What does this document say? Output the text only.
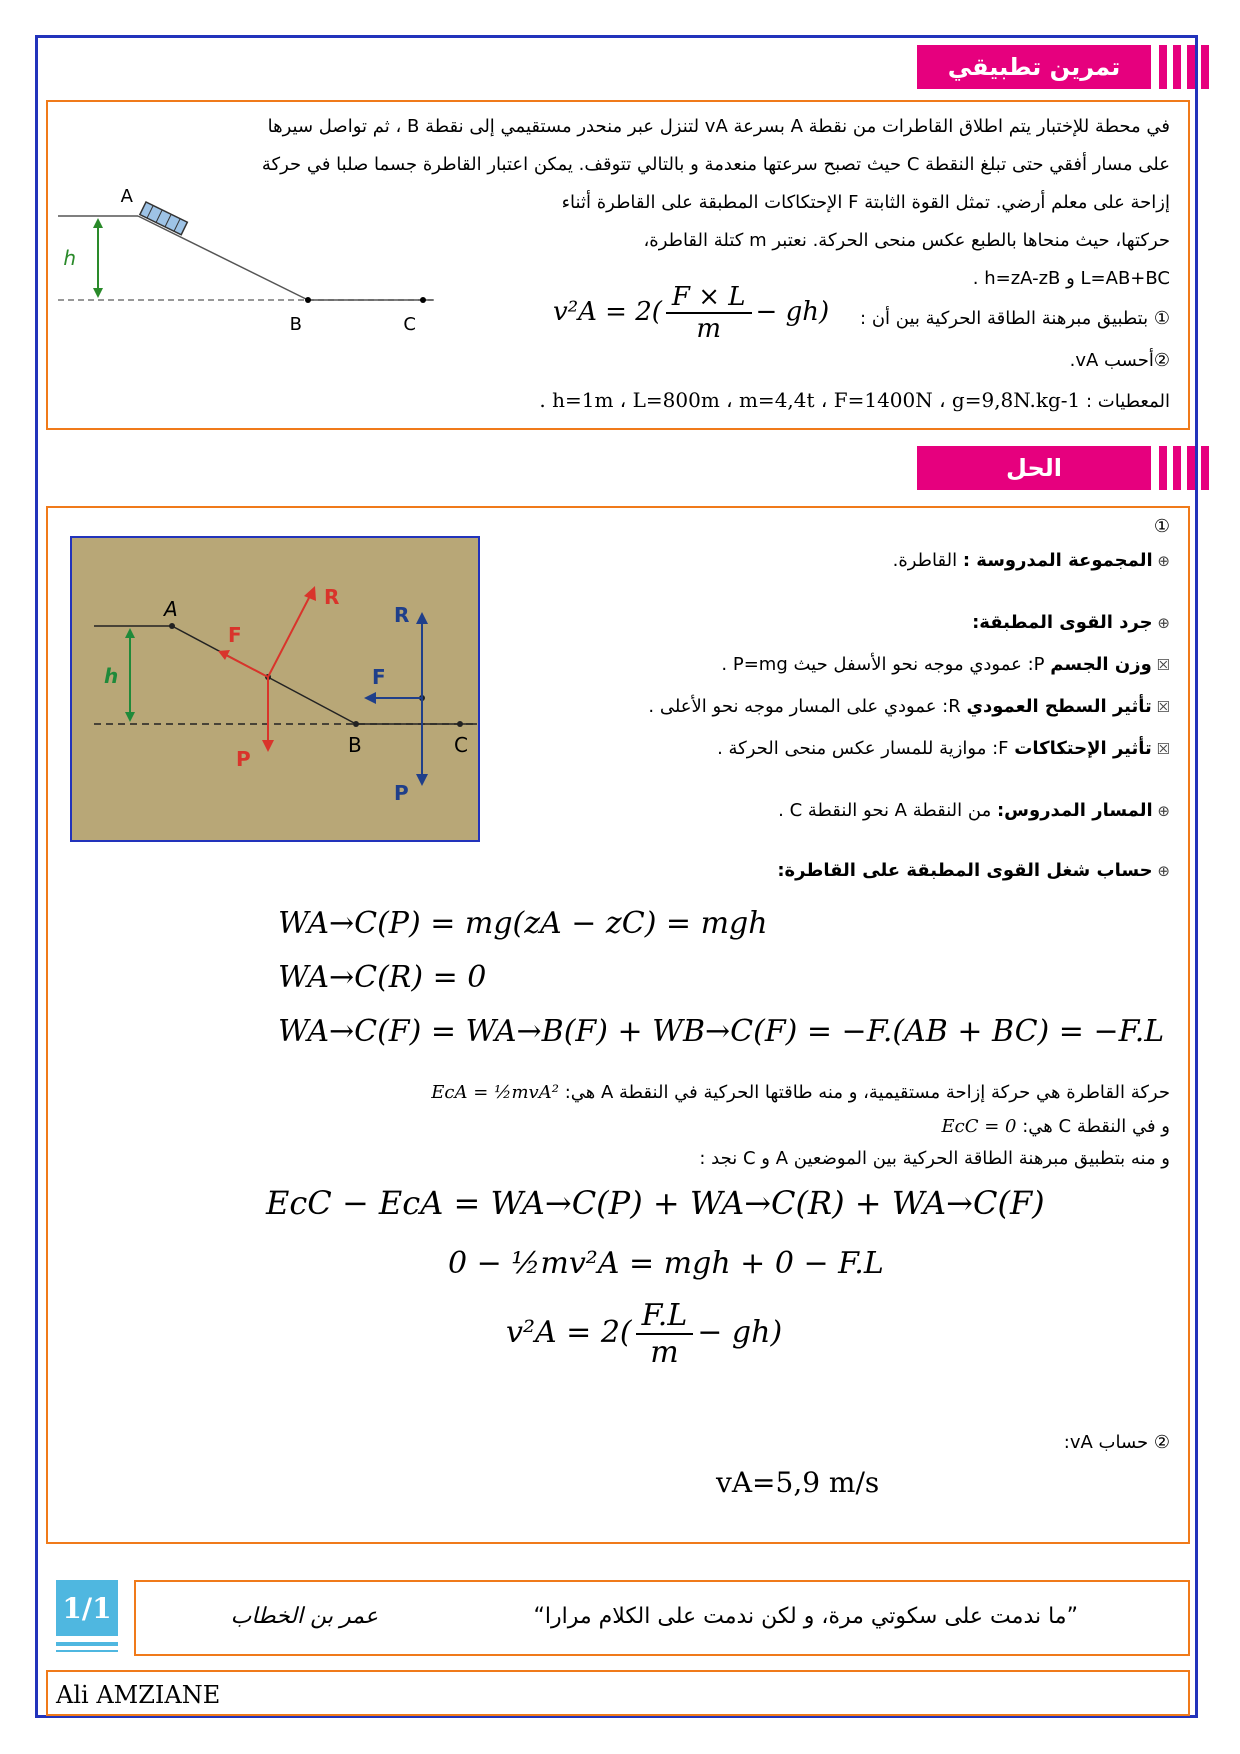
تمرين تطبيقي
في محطة للإختبار يتم اطلاق القاطرات من نقطة A بسرعة vA لتنزل عبر منحدر مستقيمي إلى نقطة B ، ثم تواصل سيرها
على مسار أفقي حتى تبلغ النقطة C حيث تصبح سرعتها منعدمة و بالتالي تتوقف. يمكن اعتبار القاطرة جسما صلبا في حركة
إزاحة على معلم أرضي. تمثل القوة الثابتة F الإحتكاكات المطبقة على القاطرة أثناء
حركتها، حيث منحاها بالطبع عكس منحى الحركة. نعتبر m كتلة القاطرة،
L=AB+BC و h=zA-zB .
① بتطبيق مبرهنة الطاقة الحركية بين أن :
②أحسب vA.
المعطيات : h=1m ، L=800m ، m=4,4t ، F=1400N ، g=9,8N.kg-1 .
$v^2A = 2( \frac{F \times L}{m} - gh)$
h
A
B	C
الحل
①
⊕ المجموعة المدروسة : القاطرة.
⊕ جرد القوى المطبقة:
☒ وزن الجسم P: عمودي موجه نحو الأسفل حيث P=mg .
☒ تأثير السطح العمودي R: عمودي على المسار موجه نحو الأعلى .
☒ تأثير الإحتكاكات F: موازية للمسار عكس منحى الحركة .
⊕ المسار المدروس: من النقطة A نحو النقطة C .
⊕ حساب شغل القوى المطبقة على القاطرة:
A
B	C
h
R
F
P
R
F
P
WA→C(P) = mg(zA − zC) = mgh
WA→C(R) = 0
WA→C(F) = WA→B(F) + WB→C(F) = −F.(AB + BC) = −F.L
حركة القاطرة هي حركة إزاحة مستقيمية، و منه طاقتها الحركية في النقطة A هي: EcA = ½mvA²
و في النقطة C هي: EcC = 0
و منه بتطبيق مبرهنة الطاقة الحركية بين الموضعين A و C نجد :
EcC − EcA = WA→C(P) + WA→C(R) + WA→C(F)
0 − ½mv²A = mgh + 0 − F.L
$v^2A = 2( \frac{F.L}{m} - gh)$
② حساب vA:
vA=5,9 m/s
1/1	”ما ندمت على سكوتي مرة، و لكن ندمت على الكلام مرارا“
عمر بن الخطاب
Ali AMZIANE
